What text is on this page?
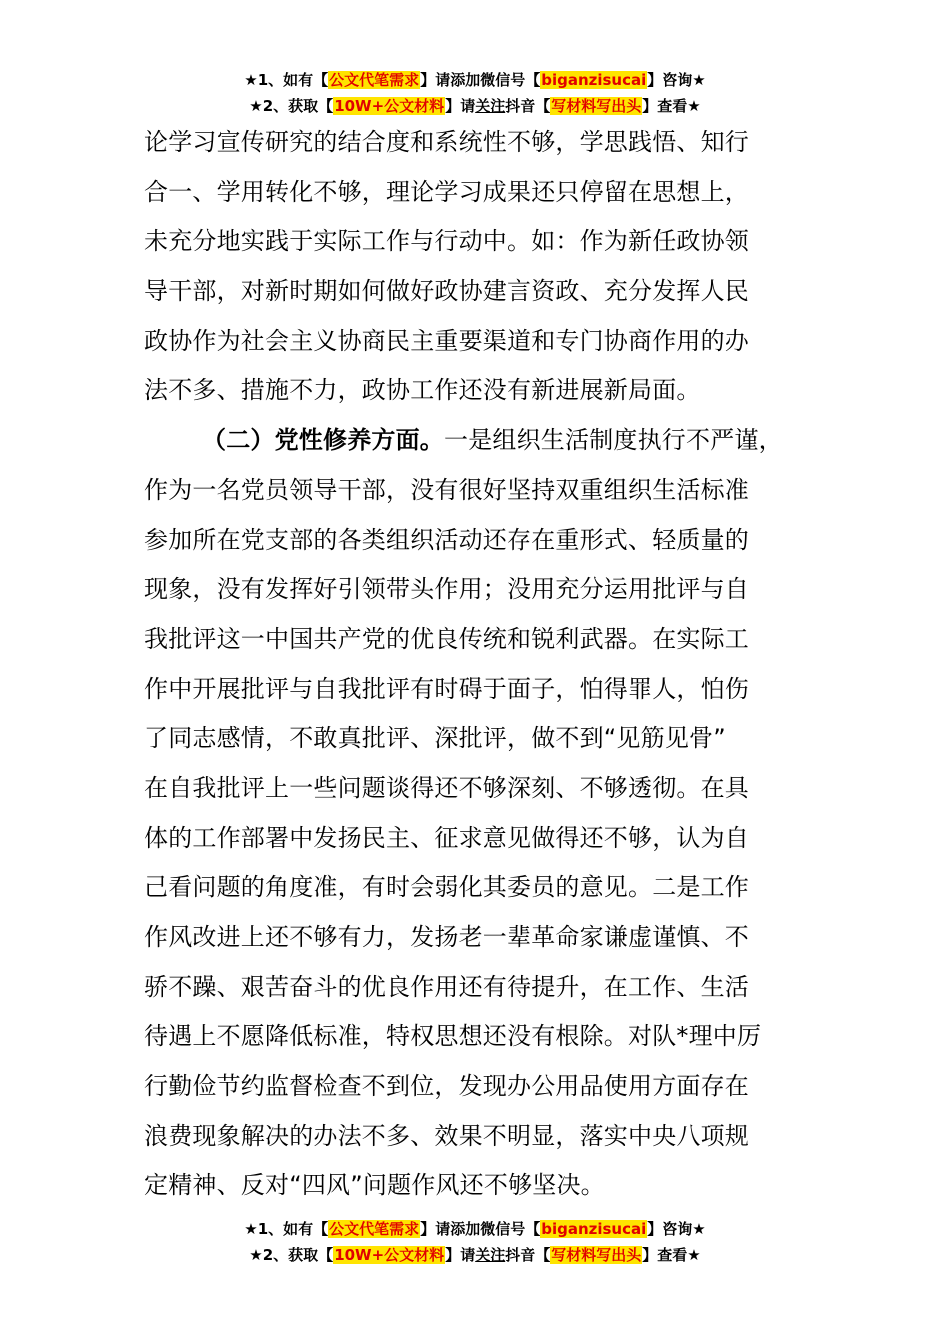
★1、如有【公文代笔需求】请添加微信号【biganzisucai】咨询★
★2、获取【10W+公文材料】请关注抖音【写材料写出头】查看★
论学习宣传研究的结合度和系统性不够，学思践悟、知行
合一、学用转化不够，理论学习成果还只停留在思想上，
未充分地实践于实际工作与行动中。如：作为新任政协领
导干部，对新时期如何做好政协建言资政、充分发挥人民
政协作为社会主义协商民主重要渠道和专门协商作用的办
法不多、措施不力，政协工作还没有新进展新局面。
（二）党性修养方面。一是组织生活制度执行不严谨，
作为一名党员领导干部，没有很好坚持双重组织生活标准
参加所在党支部的各类组织活动还存在重形式、轻质量的
现象，没有发挥好引领带头作用；没用充分运用批评与自
我批评这一中国共产党的优良传统和锐利武器。在实际工
作中开展批评与自我批评有时碍于面子，怕得罪人，怕伤
了同志感情，不敢真批评、深批评，做不到“见筋见骨”
在自我批评上一些问题谈得还不够深刻、不够透彻。在具
体的工作部署中发扬民主、征求意见做得还不够，认为自
己看问题的角度准，有时会弱化其委员的意见。二是工作
作风改进上还不够有力，发扬老一辈革命家谦虚谨慎、不
骄不躁、艰苦奋斗的优良作用还有待提升，在工作、生活
待遇上不愿降低标准，特权思想还没有根除。对队*理中厉
行勤俭节约监督检查不到位，发现办公用品使用方面存在
浪费现象解决的办法不多、效果不明显，落实中央八项规
定精神、反对“四风”问题作风还不够坚决。
★1、如有【公文代笔需求】请添加微信号【biganzisucai】咨询★
★2、获取【10W+公文材料】请关注抖音【写材料写出头】查看★
